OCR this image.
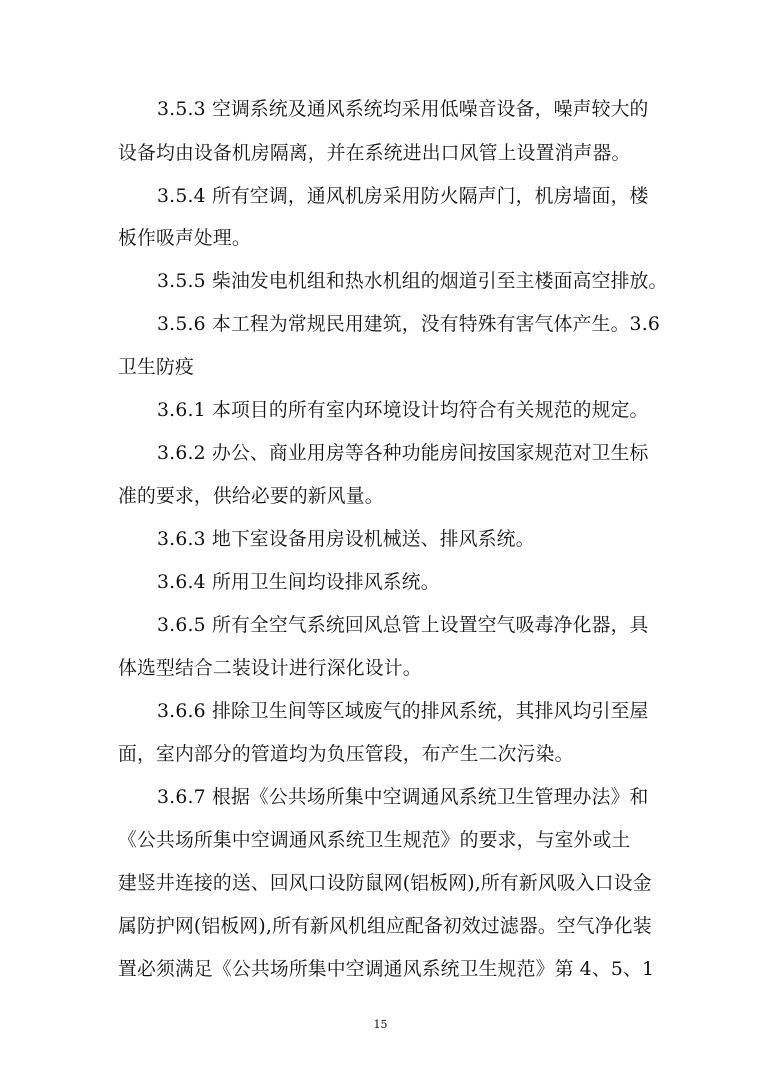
3.5.3 空调系统及通风系统均采用低噪音设备，噪声较大的
设备均由设备机房隔离，并在系统进出口风管上设置消声器。
3.5.4 所有空调，通风机房采用防火隔声门，机房墙面，楼
板作吸声处理。
3.5.5 柴油发电机组和热水机组的烟道引至主楼面高空排放。
3.5.6 本工程为常规民用建筑，没有特殊有害气体产生。3.6
卫生防疫
3.6.1 本项目的所有室内环境设计均符合有关规范的规定。
3.6.2 办公、商业用房等各种功能房间按国家规范对卫生标
准的要求，供给必要的新风量。
3.6.3 地下室设备用房设机械送、排风系统。
3.6.4 所用卫生间均设排风系统。
3.6.5 所有全空气系统回风总管上设置空气吸毒净化器，具
体选型结合二装设计进行深化设计。
3.6.6 排除卫生间等区域废气的排风系统，其排风均引至屋
面，室内部分的管道均为负压管段，布产生二次污染。
3.6.7 根据《公共场所集中空调通风系统卫生管理办法》和
《公共场所集中空调通风系统卫生规范》的要求，与室外或土
建竖井连接的送、回风口设防鼠网(铝板网),所有新风吸入口设金
属防护网(铝板网),所有新风机组应配备初效过滤器。空气净化装
置必须满足《公共场所集中空调通风系统卫生规范》第 4、5、1
15
